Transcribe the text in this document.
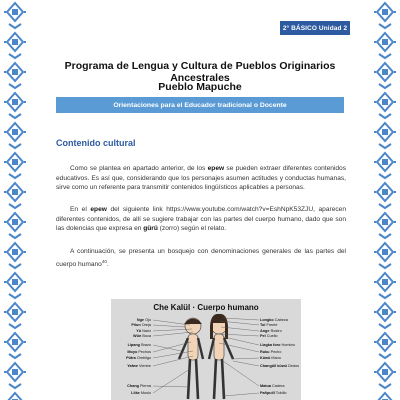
2° BÁSICO Unidad 2
Programa de Lengua y Cultura de Pueblos Originarios Ancestrales
Pueblo Mapuche
Orientaciones para el Educador tradicional o Docente
Contenido cultural
Como se plantea en apartado anterior, de los epew se pueden extraer diferentes contenidos educativos. Es así que, considerando que los personajes asumen actitudes y conductas humanas, sirve como un referente para transmitir contenidos lingüísticos aplicables a personas.
En el epew del siguiente link https://www.youtube.com/watch?v=EshNpK53ZJU, aparecen diferentes contenidos, de allí se sugiere trabajar con las partes del cuerpo humano, dado que son las dolencias que expresa en gürü (zorro) según el relato.
A continuación, se presenta un bosquejo con denominaciones generales de las partes del cuerpo humano$^{40}$.
Che Kalül · Cuerpo humano
Nge Ojo
Pilun Oreja
Yü Nariz
Wün Boca
Lipang Brazo
Moyo Pechos
Pütra Ombligo
Yafwe Vientre
Chang Pierna
Liike Muslo
Longko Cabeza
Tol Frente
Ange Rostro
Pel Cuello
Llagka foro Hombro
Ruku Pecho
Küwü Mano
Changüll küwü Dedos
Matua Cadera
Pañpuill Tobillo
